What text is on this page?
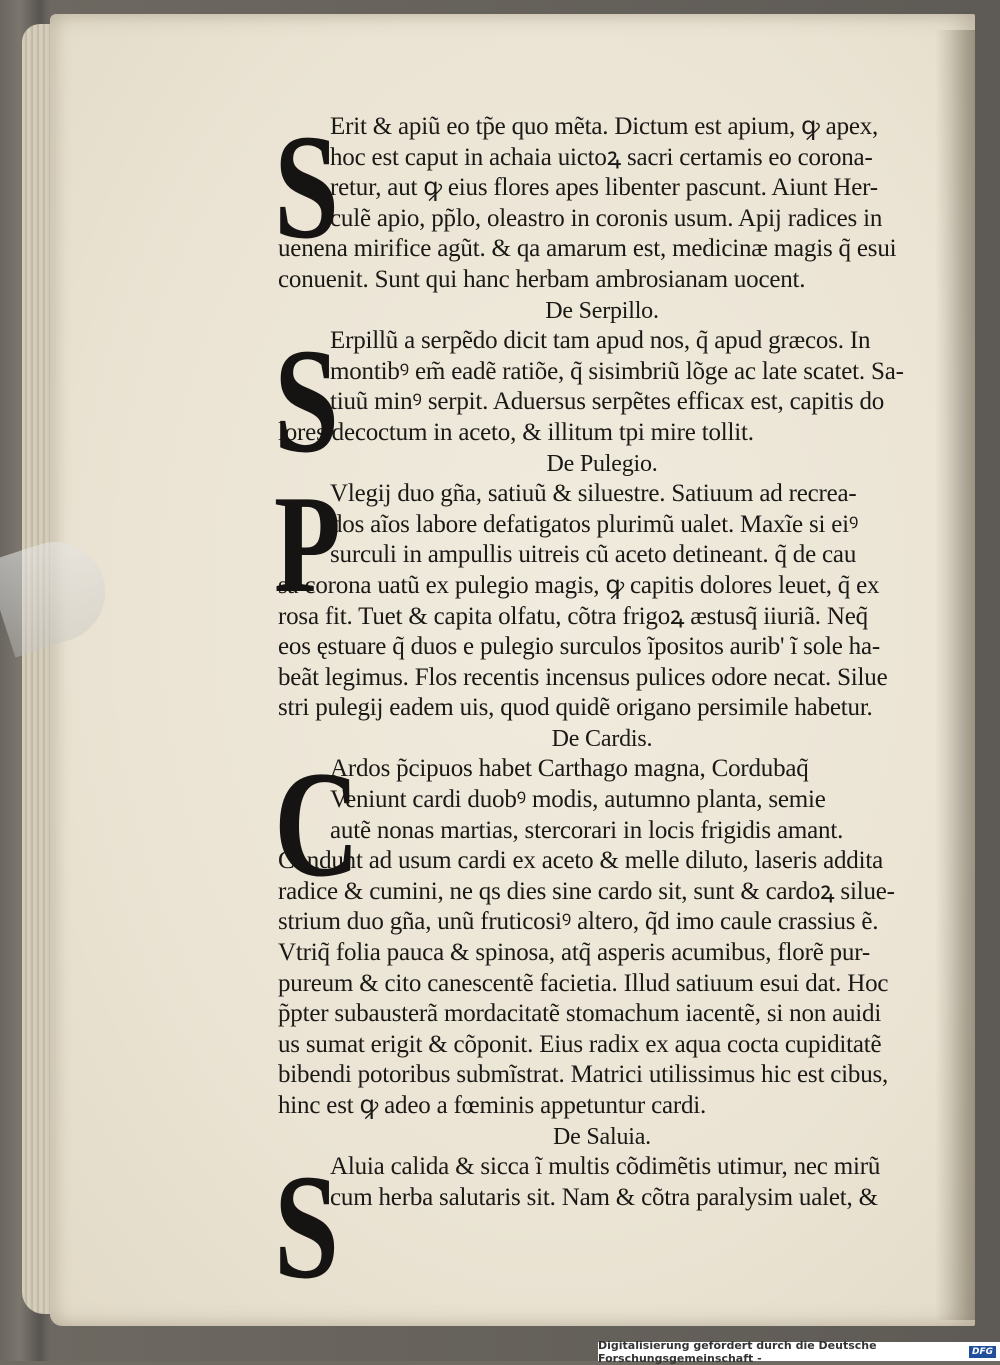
S
Erit & apiũ eo tp̃e quo mẽta. Dictum est apium, ꝙ apex,
hoc est caput in achaia uictoꝝ sacri certamis eo corona-
retur, aut ꝙ eius flores apes libenter pascunt. Aiunt Her-
culẽ apio, pp̃lo, oleastro in coronis usum. Apij radices in
uenena mirifice agũt. & qa amarum est, medicinæ magis q̃ esui
conuenit. Sunt qui hanc herbam ambrosianam uocent.
De Serpillo.
S
Erpillũ a serpẽdo dicit tam apud nos, q̃ apud græcos. In
montibꝰ em̃ eadẽ ratiõe, q̃ sisimbriũ lõge ac late scatet. Sa-
tiuũ minꝰ serpit. Aduersus serpẽtes efficax est, capitis do
lores decoctum in aceto, & illitum tpi mire tollit.
De Pulegio.
P
Vlegij duo gña, satiuũ & siluestre. Satiuum ad recrea-
dos aĩos labore defatigatos plurimũ ualet. Maxĩe si eiꝰ
surculi in ampullis uitreis cũ aceto detineant. q̃ de cau
sa corona uatũ ex pulegio magis, ꝙ capitis dolores leuet, q̃ ex
rosa fit. Tuet & capita olfatu, cõtra frigoꝝ æstusq̃ iiuriã. Neq̃
eos ęstuare q̃ duos e pulegio surculos ĩpositos aurib' ĩ sole ha-
beãt legimus. Flos recentis incensus pulices odore necat. Silue
stri pulegij eadem uis, quod quidẽ origano persimile habetur.
De Cardis.
C
Ardos p̃cipuos habet Carthago magna, Cordubaq̃
Veniunt cardi duobꝰ modis, autumno planta, semie
autẽ nonas martias, stercorari in locis frigidis amant.
Condunt ad usum cardi ex aceto & melle diluto, laseris addita
radice & cumini, ne qs dies sine cardo sit, sunt & cardoꝝ silue-
strium duo gña, unũ fruticosiꝰ altero, q̃d imo caule crassius ẽ.
Vtriq̃ folia pauca & spinosa, atq̃ asperis acumibus, florẽ pur-
pureum & cito canescentẽ facietia. Illud satiuum esui dat. Hoc
p̃pter subausterã mordacitatẽ stomachum iacentẽ, si non auidi
us sumat erigit & cõponit. Eius radix ex aqua cocta cupiditatẽ
bibendi potoribus submĩstrat. Matrici utilissimus hic est cibus,
hinc est ꝙ adeo a fœminis appetuntur cardi.
De Saluia.
S
Aluia calida & sicca ĩ multis cõdimẽtis utimur, nec mirũ
cum herba salutaris sit. Nam & cõtra paralysim ualet, &
Digitalisierung gefördert durch die Deutsche Forschungsgemeinschaft -	DFG
